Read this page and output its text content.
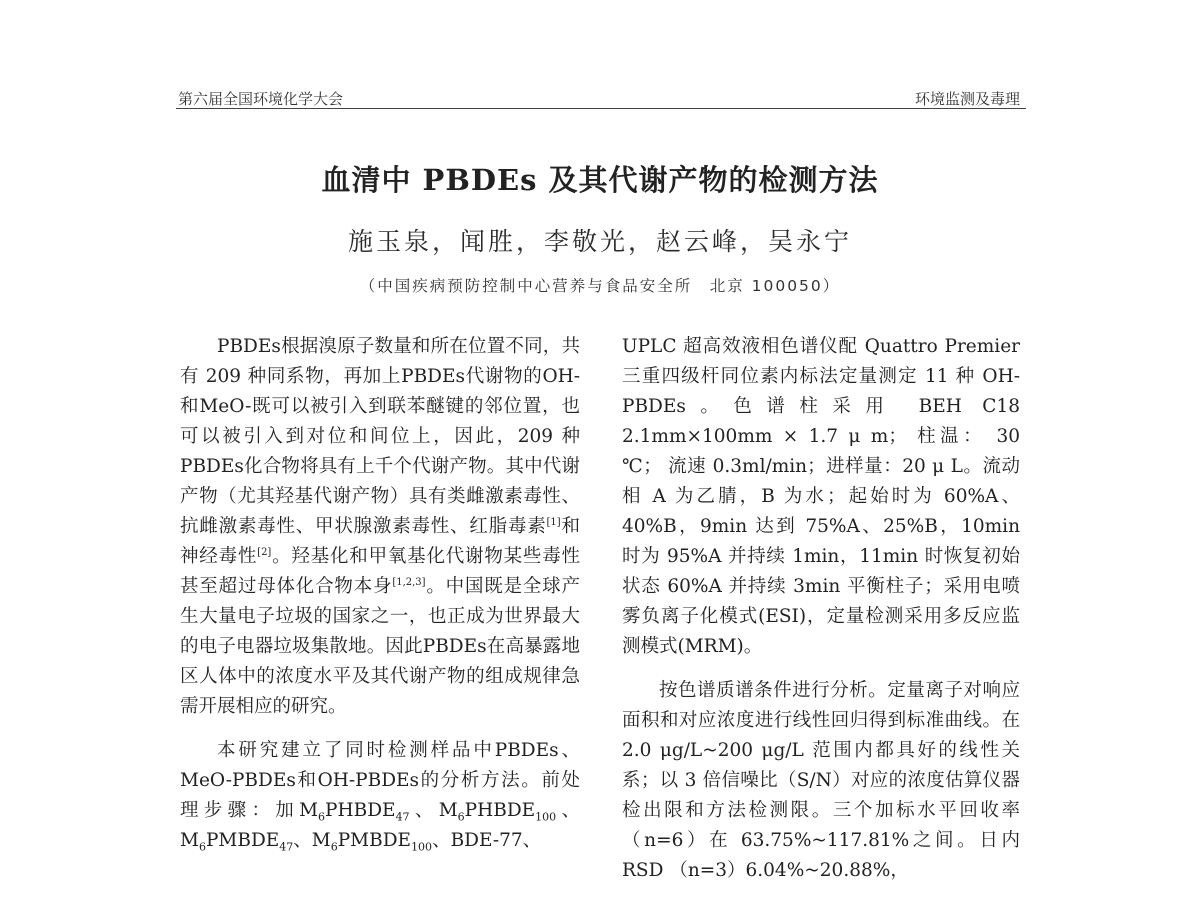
第六届全国环境化学大会	环境监测及毒理
血清中 PBDEs 及其代谢产物的检测方法
施玉泉，闻胜，李敬光，赵云峰，吴永宁
（中国疾病预防控制中心营养与食品安全所　北京 100050）

PBDEs根据溴原子数量和所在位置不同，共有 209 种同系物，再加上PBDEs代谢物的OH-和MeO-既可以被引入到联苯醚键的邻位置，也可以被引入到对位和间位上，因此，209 种PBDEs化合物将具有上千个代谢产物。其中代谢产物（尤其羟基代谢产物）具有类雌激素毒性、抗雌激素毒性、甲状腺激素毒性、红脂毒素[1]和神经毒性[2]。羟基化和甲氧基化代谢物某些毒性甚至超过母体化合物本身[1,2,3]。中国既是全球产生大量电子垃圾的国家之一，也正成为世界最大的电子电器垃圾集散地。因此PBDEs在高暴露地区人体中的浓度水平及其代谢产物的组成规律急需开展相应的研究。

本研究建立了同时检测样品中PBDEs、MeO-PBDEs和OH-PBDEs的分析方法。前处理步骤：加$M_6PHBDE_{47}$、$M_6PHBDE_{100}$、$M_6PMBDE_{47}$、$M_6PMBDE_{100}$、BDE-77、

UPLC 超高效液相色谱仪配 Quattro Premier 三重四级杆同位素内标法定量测定 11 种 OH-PBDEs。色谱柱采用 BEH C18 2.1mm×100mm × 1.7 μ m； 柱温： 30 ℃； 流速 0.3ml/min；进样量：20 μ L。流动相 A 为乙腈，B 为水；起始时为 60%A、40%B，9min 达到 75%A、25%B，10min 时为 95%A 并持续 1min，11min 时恢复初始状态 60%A 并持续 3min 平衡柱子；采用电喷雾负离子化模式(ESI)，定量检测采用多反应监测模式(MRM)。

按色谱质谱条件进行分析。定量离子对响应面积和对应浓度进行线性回归得到标准曲线。在 2.0 μg/L~200 μg/L 范围内都具好的线性关系；以 3 倍信噪比（S/N）对应的浓度估算仪器检出限和方法检测限。三个加标水平回收率（n=6）在 63.75%~117.81%之间。日内 RSD （n=3）6.04%~20.88%，
